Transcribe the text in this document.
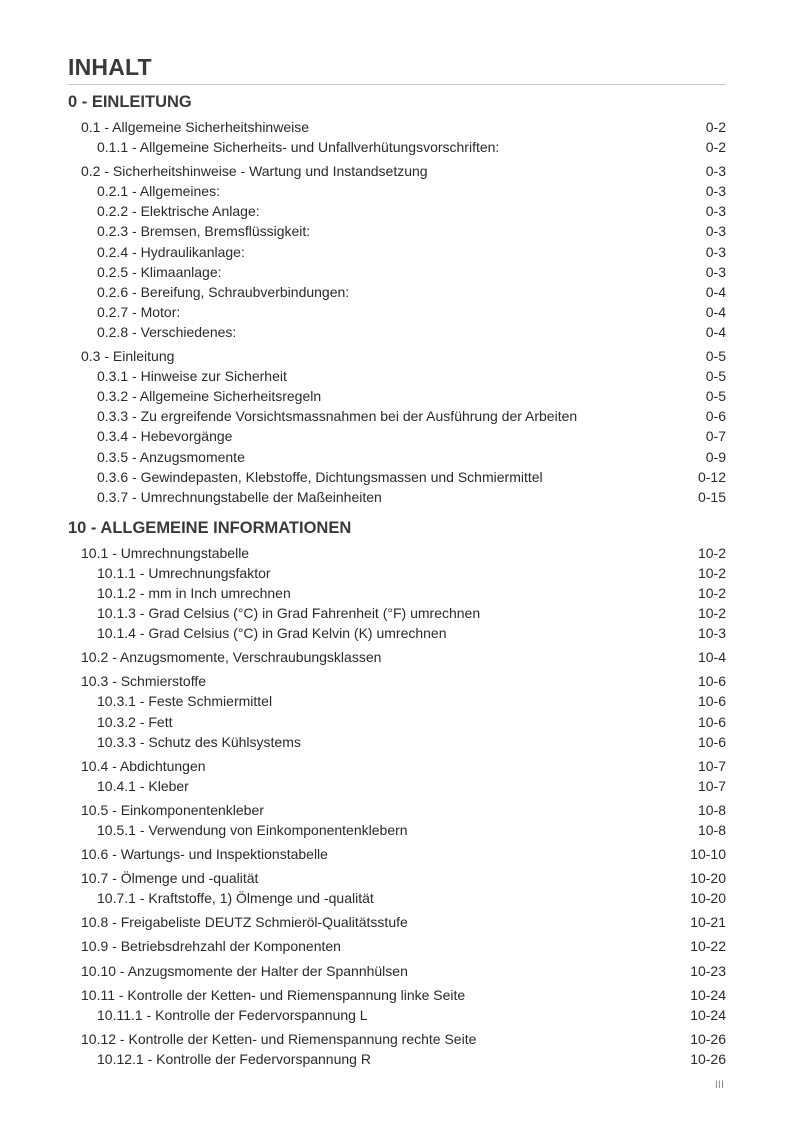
INHALT
0 - EINLEITUNG
0.1 - Allgemeine Sicherheitshinweise	0-2
0.1.1 - Allgemeine Sicherheits- und Unfallverhütungsvorschriften:	0-2
0.2 - Sicherheitshinweise - Wartung und Instandsetzung	0-3
0.2.1 - Allgemeines:	0-3
0.2.2 - Elektrische Anlage:	0-3
0.2.3 - Bremsen, Bremsflüssigkeit:	0-3
0.2.4 - Hydraulikanlage:	0-3
0.2.5 - Klimaanlage:	0-3
0.2.6 - Bereifung, Schraubverbindungen:	0-4
0.2.7 - Motor:	0-4
0.2.8 - Verschiedenes:	0-4
0.3 - Einleitung	0-5
0.3.1 - Hinweise zur Sicherheit	0-5
0.3.2 - Allgemeine Sicherheitsregeln	0-5
0.3.3 - Zu ergreifende Vorsichtsmassnahmen bei der Ausführung der Arbeiten	0-6
0.3.4 - Hebevorgänge	0-7
0.3.5 - Anzugsmomente	0-9
0.3.6 - Gewindepasten, Klebstoffe, Dichtungsmassen und Schmiermittel	0-12
0.3.7 - Umrechnungstabelle der Maßeinheiten	0-15
10 - ALLGEMEINE INFORMATIONEN
10.1 - Umrechnungstabelle	10-2
10.1.1 - Umrechnungsfaktor	10-2
10.1.2 - mm in Inch umrechnen	10-2
10.1.3 - Grad Celsius (°C) in Grad Fahrenheit (°F) umrechnen	10-2
10.1.4 - Grad Celsius (°C) in Grad Kelvin (K) umrechnen	10-3
10.2 - Anzugsmomente, Verschraubungsklassen	10-4
10.3 - Schmierstoffe	10-6
10.3.1 - Feste Schmiermittel	10-6
10.3.2 - Fett	10-6
10.3.3 - Schutz des Kühlsystems	10-6
10.4 - Abdichtungen	10-7
10.4.1 - Kleber	10-7
10.5 - Einkomponentenkleber	10-8
10.5.1 - Verwendung von Einkomponentenklebern	10-8
10.6 - Wartungs- und Inspektionstabelle	10-10
10.7 - Ölmenge und -qualität	10-20
10.7.1 - Kraftstoffe, 1) Ölmenge und -qualität	10-20
10.8 - Freigabeliste DEUTZ Schmieröl-Qualitätsstufe	10-21
10.9 - Betriebsdrehzahl der Komponenten	10-22
10.10 - Anzugsmomente der Halter der Spannhülsen	10-23
10.11 - Kontrolle der Ketten- und Riemenspannung linke Seite	10-24
10.11.1 - Kontrolle der Federvorspannung L	10-24
10.12 - Kontrolle der Ketten- und Riemenspannung rechte Seite	10-26
10.12.1 - Kontrolle der Federvorspannung R	10-26
III
